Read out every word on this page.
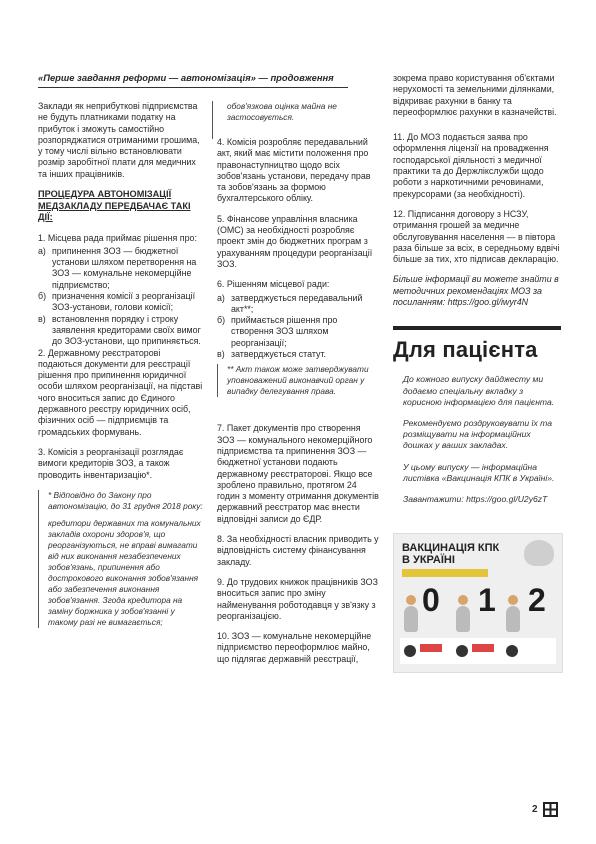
«Перше завдання реформи — автономізація» — продовження

Заклади як неприбуткові підприємства не будуть платниками податку на прибуток і зможуть самостійно розпоряджатися отриманими грошима, у тому числі вільно встановлювати розмір заробітної плати для медичних та інших працівників.

ПРОЦЕДУРА АВТОНОМІЗАЦІЇ МЕДЗАКЛАДУ ПЕРЕДБАЧАЄ ТАКІ ДІЇ:

1. Місцева рада приймає рішення про:

а) припинення ЗОЗ — бюджетної установи шляхом перетворення на ЗОЗ — комунальне некомерційне підприємство;
б) призначення комісії з реорганізації ЗОЗ-установи, голови комісії;
в) встановлення порядку і строку заявлення кредиторами своїх вимог до ЗОЗ-установи, що припиняється.

2. Державному реєстраторові подаються документи для реєстрації рішення про припинення юридичної особи шляхом реорганізації, на підставі чого вноситься запис до Єдиного державного реєстру юридичних осіб, фізичних осіб — підприємців та громадських формувань.

3. Комісія з реорганізації розглядає вимоги кредиторів ЗОЗ, а також проводить інвентаризацію*.

* Відповідно до Закону про автономізацію, до 31 грудня 2018 року:
кредитори державних та комунальних закладів охорони здоров'я, що реорганізуються, не вправі вимагати від них виконання незабезпечених зобов'язань, припинення або дострокового виконання зобов'язання або забезпечення виконання зобов'язання. Згода кредитора на заміну боржника у зобов'язанні у такому разі не вимагається;
обов'язкова оцінка майна не застосовується.

4. Комісія розробляє передавальний акт, який має містити положення про правонаступництво щодо всіх зобов'язань установи, передачу прав та зобов'язань за формою бухгалтерського обліку.

5. Фінансове управління власника (ОМС) за необхідності розробляє проект змін до бюджетних програм з урахуванням процедури реорганізації ЗОЗ.

6. Рішенням місцевої ради:

а) затверджується передавальний акт**;
б) приймається рішення про створення ЗОЗ шляхом реорганізації;
в) затверджується статут.
** Акт також може затверджувати уповноважений виконавчий орган у випадку делегування права.

7. Пакет документів про створення ЗОЗ — комунального некомерційного підприємства та припинення ЗОЗ — бюджетної установи подають державному реєстраторові. Якщо все зроблено правильно, протягом 24 годин з моменту отримання документів державний реєстратор має внести відповідні записи до ЄДР.

8. За необхідності власник приводить у відповідність систему фінансування закладу.

9. До трудових книжок працівників ЗОЗ вноситься запис про зміну найменування роботодавця у зв'язку з реорганізацією.

10. ЗОЗ — комунальне некомерційне підприємство переоформлює майно, що підлягає державній реєстрації,

зокрема право користування об'єктами нерухомості та земельними ділянками, відкриває рахунки в банку та переоформлює рахунки в казначействі.

11. До МОЗ подається заява про оформлення ліцензії на провадження господарської діяльності з медичної практики та до Держлікслужби щодо роботи з наркотичними речовинами, прекурсорами (за необхідності).

12. Підписання договору з НСЗУ, отримання грошей за медичне обслуговування населення — в півтора раза більше за всіх, в середньому вдвічі більше за тих, хто підписав декларацію.

Більше інформації ви можете знайти в методичних рекомендаціях МОЗ за посиланням: https://goo.gl/iwyr4N

Для пацієнта

До кожного випуску дайджесту ми додаємо спеціальну вкладку з корисною інформацією для пацієнта.

Рекомендуємо роздруковувати їх та розміщувати на інформаційних дошках у ваших закладах.

У цьому випуску — інформаційна листівка «Вакцинація КПК в Україні».

Завантажити: https://goo.gl/U2y6zT

ВАКЦИНАЦІЯ КПК
В УКРАЇНІ
0 1 2
2
